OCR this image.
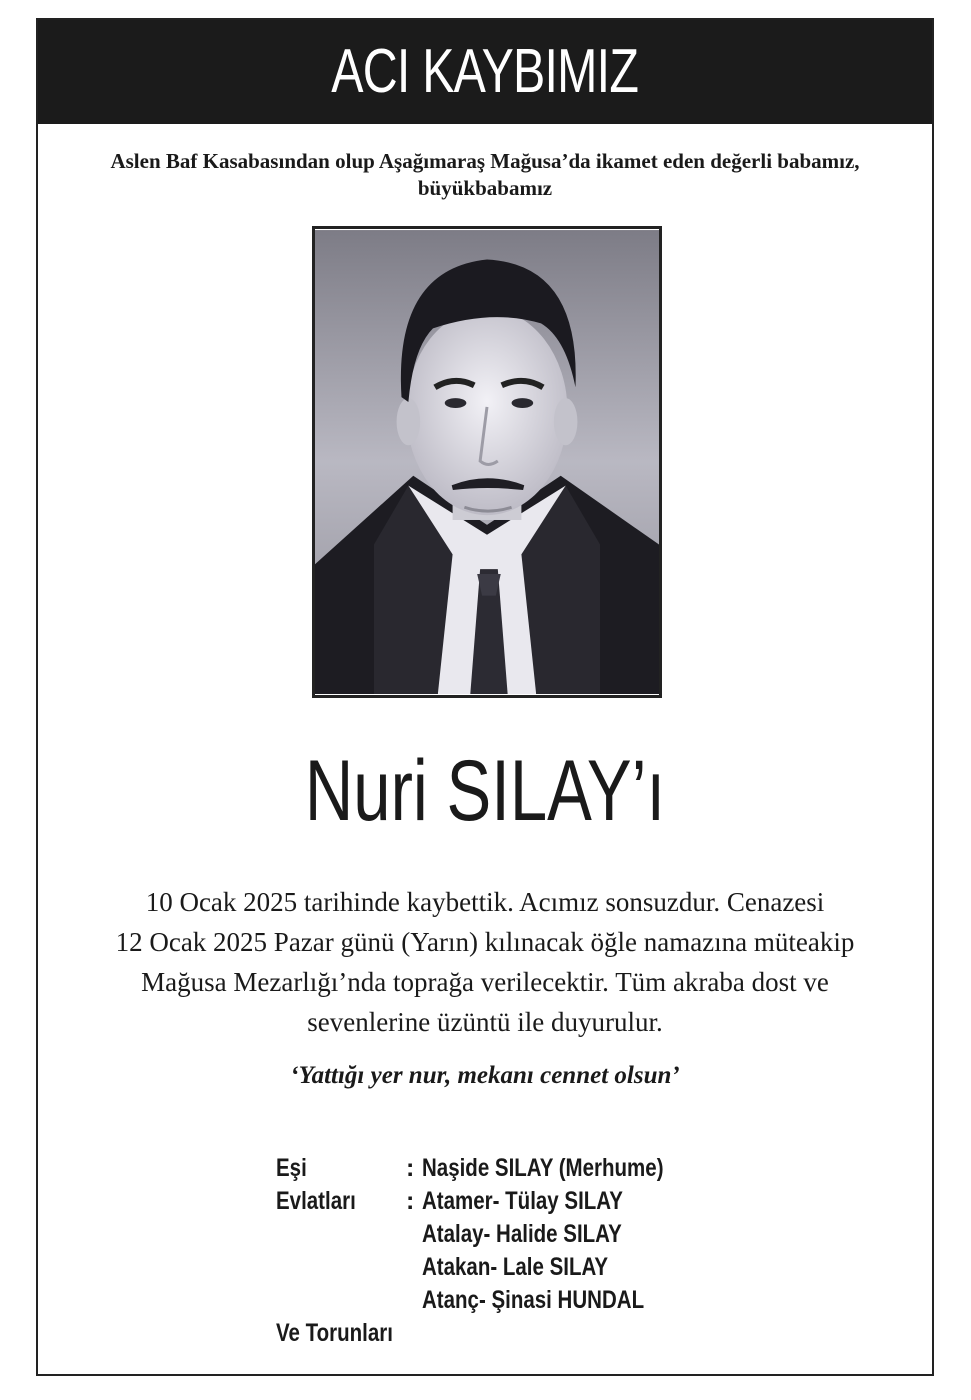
ACI KAYBIMIZ
Aslen Baf Kasabasından olup Aşağımaraş Mağusa’da ikamet eden değerli babamız,
büyükbabamız
Nuri SILAY’ı
10 Ocak 2025 tarihinde kaybettik. Acımız sonsuzdur. Cenazesi
12 Ocak 2025 Pazar günü (Yarın) kılınacak öğle namazına müteakip
Mağusa Mezarlığı’nda toprağa verilecektir. Tüm akraba dost ve
sevenlerine üzüntü ile duyurulur.
‘Yattığı yer nur, mekanı cennet olsun’
Eşi	: Naşide SILAY (Merhume)
Evlatları : Atamer- Tülay SILAY
Atalay- Halide SILAY
Atakan- Lale SILAY
Atanç- Şinasi HUNDAL
Ve Torunları
